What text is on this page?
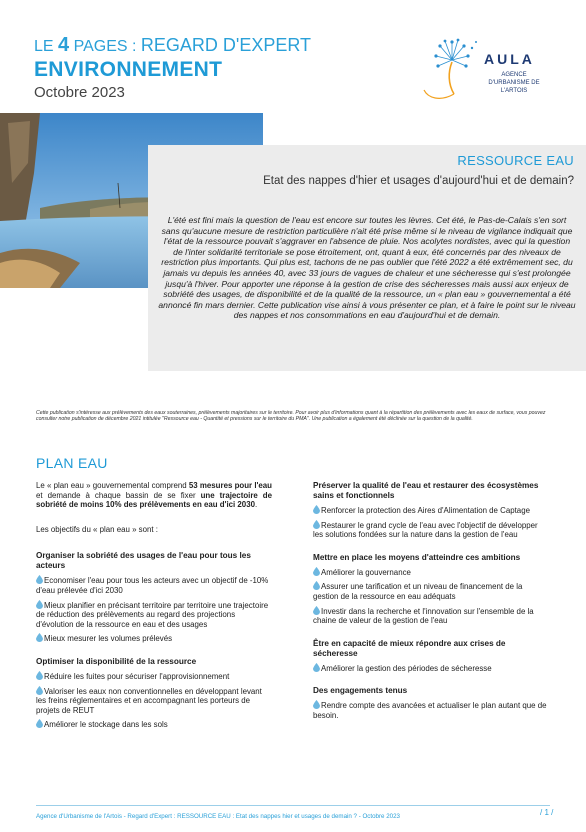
LE 4 PAGES : REGARD D'EXPERT
ENVIRONNEMENT
Octobre 2023
AULA
AGENCE D'URBANISME DE L'ARTOIS
RESSOURCE EAU
Etat des nappes d'hier et usages d'aujourd'hui et de demain?
L'été est fini mais la question de l'eau est encore sur toutes les lèvres. Cet été, le Pas-de-Calais s'en sort sans qu'aucune mesure de restriction particulière n'ait été prise même si le niveau de vigilance indiquait que l'état de la ressource pouvait s'aggraver en l'absence de pluie. Nos acolytes nordistes, avec qui la question de l'inter solidarité territoriale se pose étroitement, ont, quant à eux, été concernés par des niveaux de restriction plus importants. Qui plus est, tachons de ne pas oublier que l'été 2022 a été extrêmement sec, du jamais vu depuis les années 40, avec 33 jours de vagues de chaleur et une sécheresse qui s'est prolongée jusqu'à l'hiver. Pour apporter une réponse à la gestion de crise des sécheresses mais aussi aux enjeux de sobriété des usages, de disponibilité et de la qualité de la ressource, un « plan eau » gouvernemental a été annoncé fin mars dernier. Cette publication vise ainsi à vous présenter ce plan, et à faire le point sur le niveau des nappes et nos consommations en eau d'aujourd'hui et de demain.
Cette publication s'intéresse aux prélèvements des eaux souterraines, prélèvements majoritaires sur le territoire. Pour avoir plus d'informations quant à la répartition des prélèvements avec les eaux de surface, vous pouvez consulter notre publication de décembre 2021 intitulée "Ressource eau - Quantité et pressions sur le territoire du PMA". Une publication a également été déclinée sur la question de la qualité.
PLAN EAU
Le « plan eau » gouvernemental comprend 53 mesures pour l'eau et demande à chaque bassin de se fixer une trajectoire de sobriété de moins 10% des prélèvements en eau d'ici 2030.
Les objectifs du « plan eau » sont :
Organiser la sobriété des usages de l'eau pour tous les acteurs
Economiser l'eau pour tous les acteurs avec un objectif de -10% d'eau prélevée d'ici 2030
Mieux planifier en précisant territoire par territoire une trajectoire de réduction des prélèvements au regard des projections d'évolution de la ressource en eau et des usages
Mieux mesurer les volumes prélevés
Optimiser la disponibilité de la ressource
Réduire les fuites pour sécuriser l'approvisionnement
Valoriser les eaux non conventionnelles en développant levant les freins réglementaires et en accompagnant les porteurs de projets de REUT
Améliorer le stockage dans les sols
Préserver la qualité de l'eau et restaurer des écosystèmes sains et fonctionnels
Renforcer la protection des Aires d'Alimentation de Captage
Restaurer le grand cycle de l'eau avec l'objectif de développer les solutions fondées sur la nature dans la gestion de l'eau
Mettre en place les moyens d'atteindre ces ambitions
Améliorer la gouvernance
Assurer une tarification et un niveau de financement de la gestion de la ressource en eau adéquats
Investir dans la recherche et l'innovation sur l'ensemble de la chaine de valeur de la gestion de l'eau
Être en capacité de mieux répondre aux crises de sécheresse
Améliorer la gestion des périodes de sécheresse
Des engagements tenus
Rendre compte des avancées et actualiser le plan autant que de besoin.
Agence d'Urbanisme de l'Artois - Regard d'Expert : RESSOURCE EAU : Etat des nappes hier et usages de demain ? - Octobre 2023	/ 1 /
